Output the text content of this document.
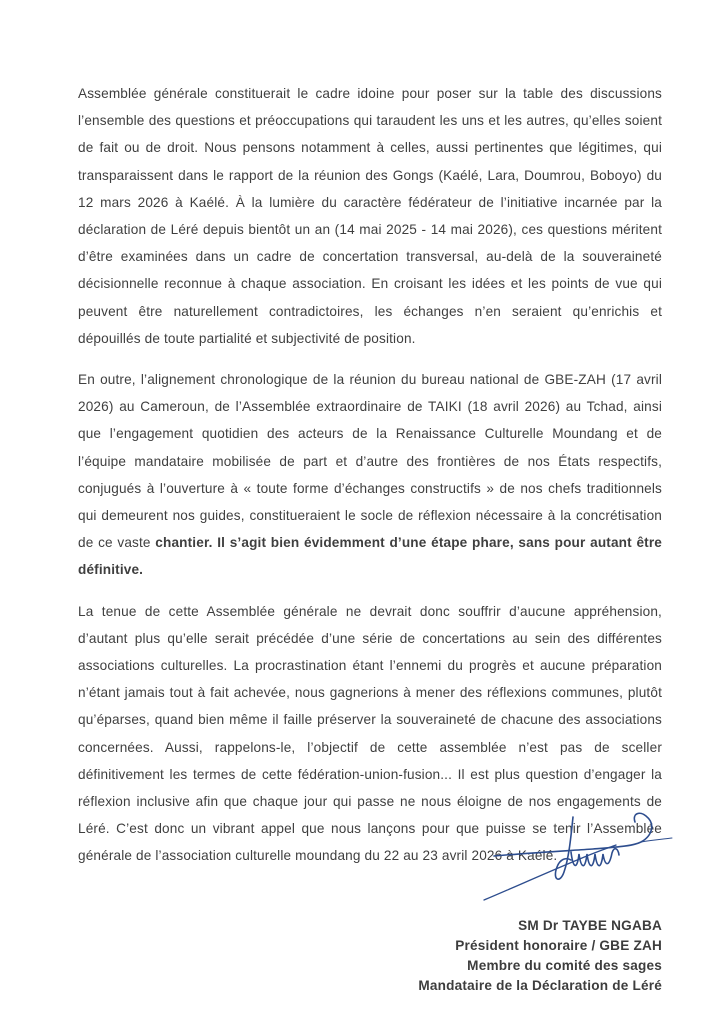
Assemblée générale constituerait le cadre idoine pour poser sur la table des discussions l’ensemble des questions et préoccupations qui taraudent les uns et les autres, qu’elles soient de fait ou de droit. Nous pensons notamment à celles, aussi pertinentes que légitimes, qui transparaissent dans le rapport de la réunion des Gongs (Kaélé, Lara, Doumrou, Boboyo) du 12 mars 2026 à Kaélé. À la lumière du caractère fédérateur de l’initiative incarnée par la déclaration de Léré depuis bientôt un an (14 mai 2025 - 14 mai 2026), ces questions méritent d’être examinées dans un cadre de concertation transversal, au-delà de la souveraineté décisionnelle reconnue à chaque association. En croisant les idées et les points de vue qui peuvent être naturellement contradictoires, les échanges n’en seraient qu’enrichis et dépouillés de toute partialité et subjectivité de position.

En outre, l’alignement chronologique de la réunion du bureau national de GBE-ZAH (17 avril 2026) au Cameroun, de l’Assemblée extraordinaire de TAIKI (18 avril 2026) au Tchad, ainsi que l’engagement quotidien des acteurs de la Renaissance Culturelle Moundang et de l’équipe mandataire mobilisée de part et d’autre des frontières de nos États respectifs, conjugués à l’ouverture à « toute forme d’échanges constructifs » de nos chefs traditionnels qui demeurent nos guides, constitueraient le socle de réflexion nécessaire à la concrétisation de ce vaste chantier. Il s’agit bien évidemment d’une étape phare, sans pour autant être définitive.

La tenue de cette Assemblée générale ne devrait donc souffrir d’aucune appréhension, d’autant plus qu’elle serait précédée d’une série de concertations au sein des différentes associations culturelles. La procrastination étant l’ennemi du progrès et aucune préparation n’étant jamais tout à fait achevée, nous gagnerions à mener des réflexions communes, plutôt qu’éparses, quand bien même il faille préserver la souveraineté de chacune des associations concernées. Aussi, rappelons-le, l’objectif de cette assemblée n’est pas de sceller définitivement les termes de cette fédération-union-fusion... Il est plus question d’engager la réflexion inclusive afin que chaque jour qui passe ne nous éloigne de nos engagements de Léré. C’est donc un vibrant appel que nous lançons pour que puisse se tenir l’Assemblée générale de l’association culturelle moundang du 22 au 23 avril 2026 à Kaélé.

SM Dr TAYBE NGABA
Président honoraire / GBE ZAH
Membre du comité des sages
Mandataire de la Déclaration de Léré
